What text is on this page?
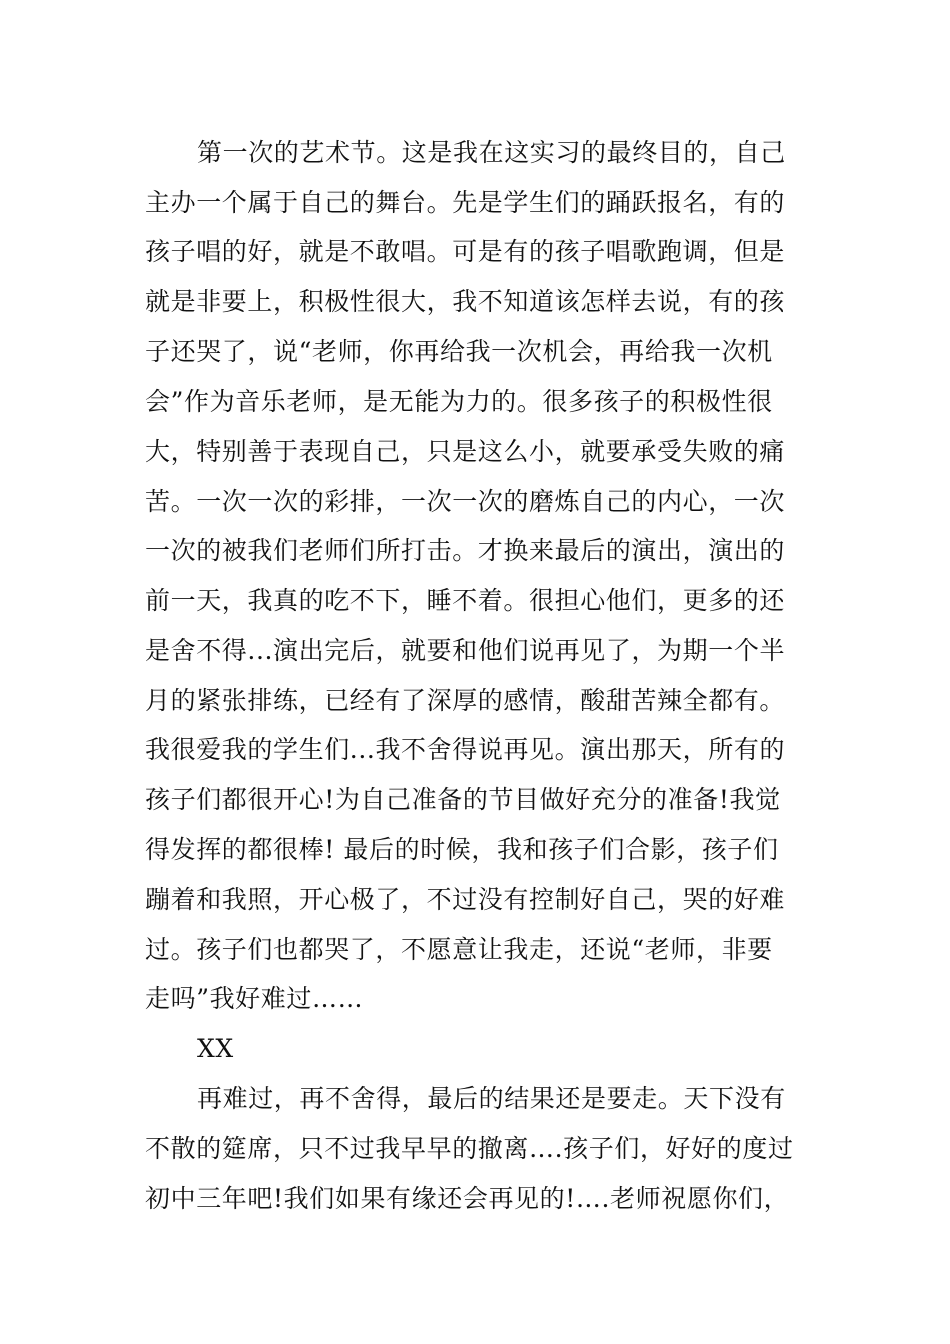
第一次的艺术节。这是我在这实习的最终目的，自己
主办一个属于自己的舞台。先是学生们的踊跃报名，有的
孩子唱的好，就是不敢唱。可是有的孩子唱歌跑调，但是
就是非要上，积极性很大，我不知道该怎样去说，有的孩
子还哭了，说“老师，你再给我一次机会，再给我一次机
会”作为音乐老师，是无能为力的。很多孩子的积极性很
大，特别善于表现自己，只是这么小，就要承受失败的痛
苦。一次一次的彩排，一次一次的磨炼自己的内心，一次
一次的被我们老师们所打击。才换来最后的演出，演出的
前一天，我真的吃不下，睡不着。很担心他们，更多的还
是舍不得...演出完后，就要和他们说再见了，为期一个半
月的紧张排练，已经有了深厚的感情，酸甜苦辣全都有。
我很爱我的学生们...我不舍得说再见。演出那天，所有的
孩子们都很开心!为自己准备的节目做好充分的准备!我觉
得发挥的都很棒! 最后的时候，我和孩子们合影，孩子们
蹦着和我照，开心极了，不过没有控制好自己，哭的好难
过。孩子们也都哭了，不愿意让我走，还说“老师，非要
走吗”我好难过……
XX
再难过，再不舍得，最后的结果还是要走。天下没有
不散的筵席，只不过我早早的撤离….孩子们，好好的度过
初中三年吧!我们如果有缘还会再见的!….老师祝愿你们，
